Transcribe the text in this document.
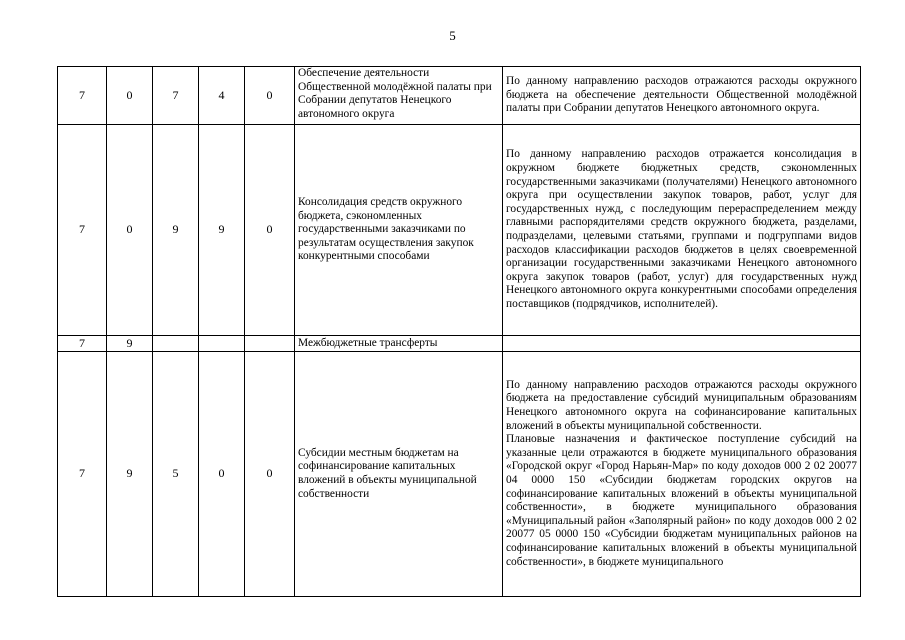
5
7	0	7	4	0	Обеспечение деятельности Общественной молодёжной палаты при Собрании депутатов Ненецкого автономного округа	По данному направлению расходов отражаются расходы окружного бюджета на обеспечение деятельности Общественной молодёжной палаты при Собрании депутатов Ненецкого автономного округа.
7	0	9	9	0	Консолидация средств окружного бюджета, сэкономленных государственными заказчиками по результатам осуществления закупок конкурентными способами	По данному направлению расходов отражается консолидация в окружном бюджете бюджетных средств, сэкономленных государственными заказчиками (получателями) Ненецкого автономного округа при осуществлении закупок товаров, работ, услуг для государственных нужд, с последующим перераспределением между главными распорядителями средств окружного бюджета, разделами, подразделами, целевыми статьями, группами и подгруппами видов расходов классификации расходов бюджетов в целях своевременной организации государственными заказчиками Ненецкого автономного округа закупок товаров (работ, услуг) для государственных нужд Ненецкого автономного округа конкурентными способами определения поставщиков (подрядчиков, исполнителей).
7	9				Межбюджетные трансферты	
7	9	5	0	0	Субсидии местным бюджетам на софинансирование капитальных вложений в объекты муниципальной собственности	По данному направлению расходов отражаются расходы окружного бюджета на предоставление субсидий муниципальным образованиям Ненецкого автономного округа на софинансирование капитальных вложений в объекты муниципальной собственности.
Плановые назначения и фактическое поступление субсидий на указанные цели отражаются в бюджете муниципального образования «Городской округ «Город Нарьян-Мар» по коду доходов 000 2 02 20077 04 0000 150 «Субсидии бюджетам городских округов на софинансирование капитальных вложений в объекты муниципальной собственности», в бюджете муниципального образования «Муниципальный район «Заполярный район» по коду доходов 000 2 02 20077 05 0000 150 «Субсидии бюджетам муниципальных районов на софинансирование капитальных вложений в объекты муниципальной собственности», в бюджете муниципального
